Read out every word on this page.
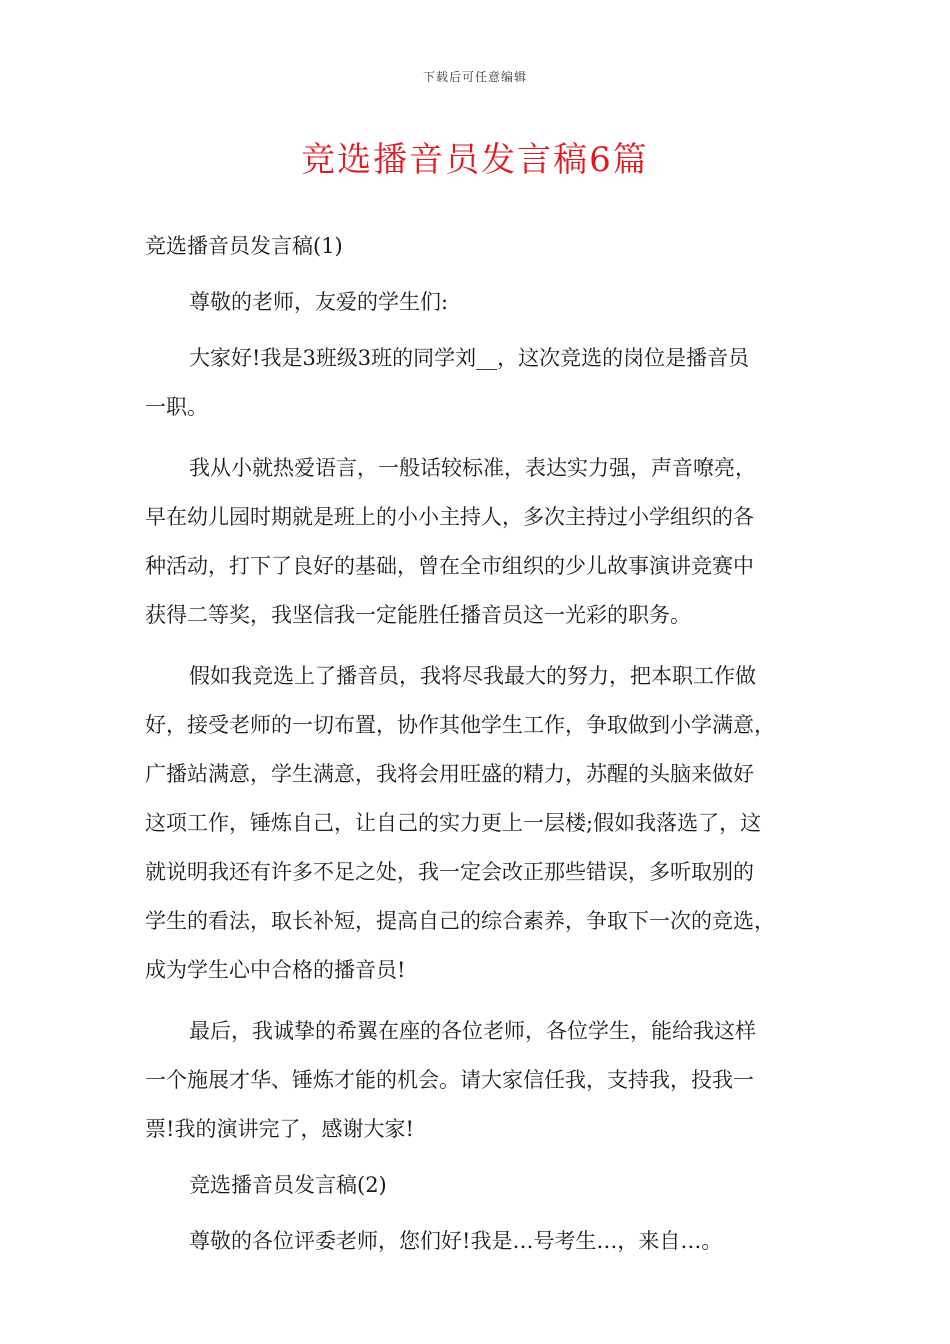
下载后可任意编辑
竞选播音员发言稿6篇

竞选播音员发言稿(1)

尊敬的老师，友爱的学生们:

大家好!我是3班级3班的同学刘__，这次竞选的岗位是播音员

一职。

我从小就热爱语言，一般话较标准，表达实力强，声音嘹亮，

早在幼儿园时期就是班上的小小主持人，多次主持过小学组织的各

种活动，打下了良好的基础，曾在全市组织的少儿故事演讲竞赛中

获得二等奖，我坚信我一定能胜任播音员这一光彩的职务。

假如我竞选上了播音员，我将尽我最大的努力，把本职工作做

好，接受老师的一切布置，协作其他学生工作，争取做到小学满意，

广播站满意，学生满意，我将会用旺盛的精力，苏醒的头脑来做好

这项工作，锤炼自己，让自己的实力更上一层楼;假如我落选了，这

就说明我还有许多不足之处，我一定会改正那些错误，多听取别的

学生的看法，取长补短，提高自己的综合素养，争取下一次的竞选，

成为学生心中合格的播音员!

最后，我诚挚的希翼在座的各位老师，各位学生，能给我这样

一个施展才华、锤炼才能的机会。请大家信任我，支持我，投我一

票!我的演讲完了，感谢大家!

竞选播音员发言稿(2)

尊敬的各位评委老师，您们好!我是…号考生…，来自…。
